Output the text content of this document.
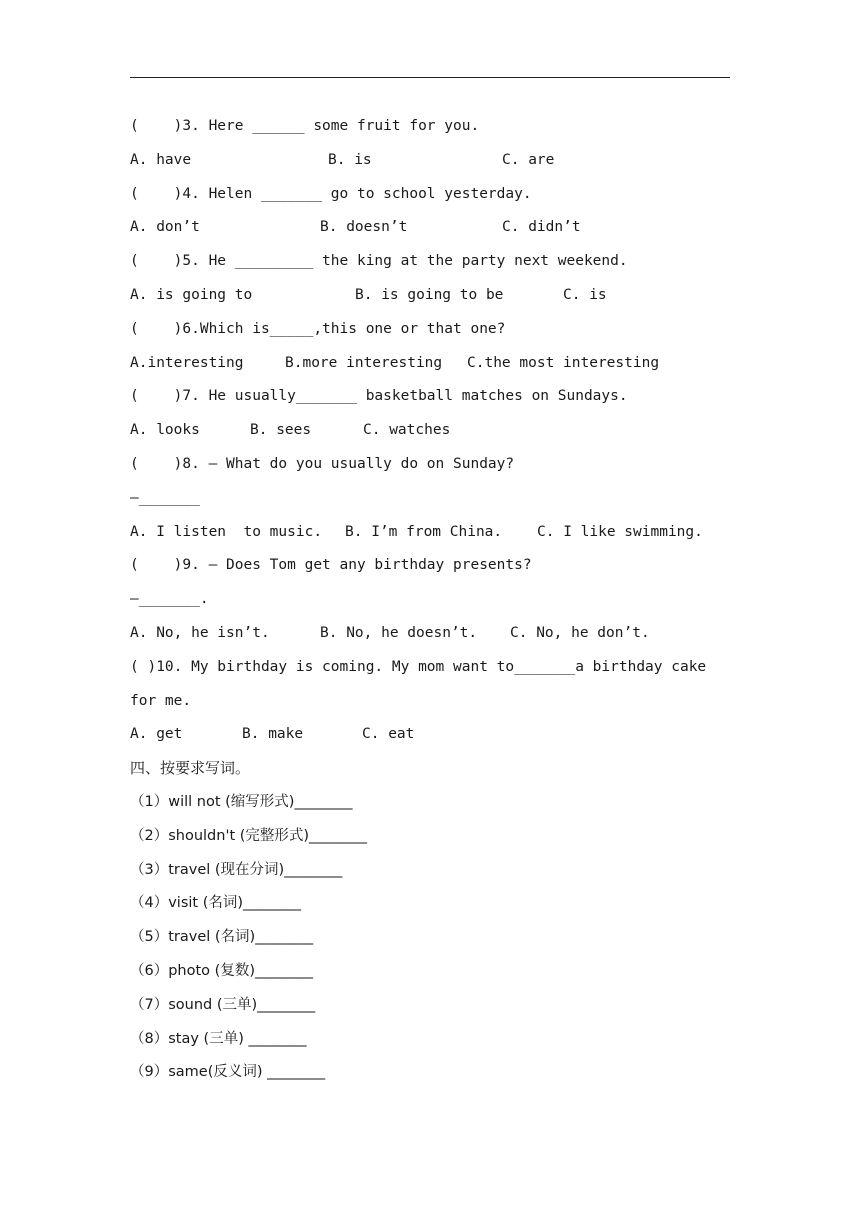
(    )3. Here ______ some fruit for you.
A. have	B. is	C. are
(    )4. Helen _______ go to school yesterday.
A. don’t	B. doesn’t	C. didn’t
(    )5. He _________ the king at the party next weekend.
A. is going to	B. is going to be	C. is
(    )6.Which is_____,this one or that one?
A.interesting	B.more interesting	C.the most interesting
(    )7. He usually_______ basketball matches on Sundays.
A. looks	B. sees	C. watches
(    )8. — What do you usually do on Sunday?
—_______
A. I listen  to music.	B. I’m from China.	C. I like swimming.
(    )9. — Does Tom get any birthday presents?
—_______.
A. No, he isn’t.	B. No, he doesn’t.	C. No, he don’t.
( )10. My birthday is coming. My mom want to_______a birthday cake for me.
A. get	B. make	C. eat
四、按要求写词。
（1）will not (缩写形式)________
（2）shouldn't (完整形式)________
（3）travel (现在分词)________
（4）visit (名词)________
（5）travel (名词)________
（6）photo (复数)________
（7）sound (三单)________
（8）stay (三单) ________
（9）same(反义词) ________
